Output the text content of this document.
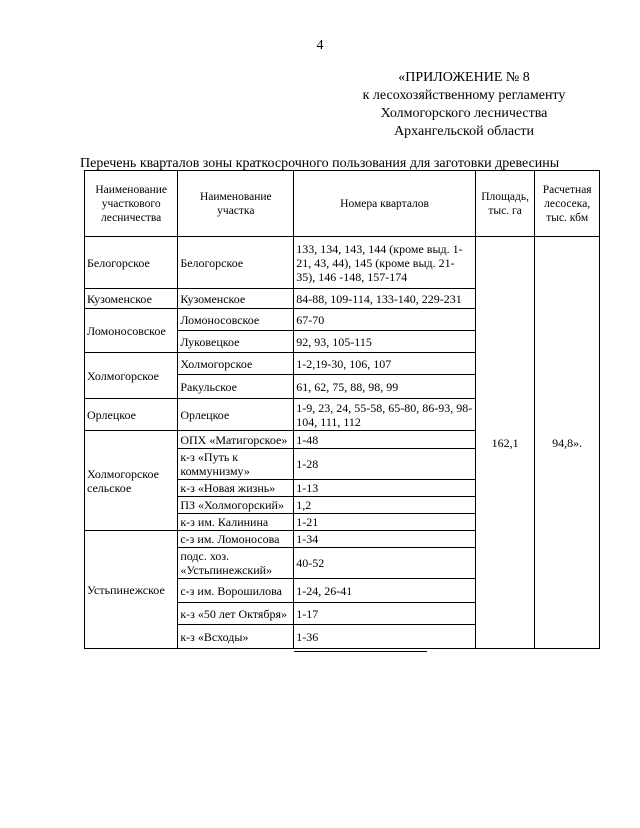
4
«ПРИЛОЖЕНИЕ № 8
к лесохозяйственному регламенту
Холмогорского лесничества
Архангельской области
Перечень кварталов зоны краткосрочного пользования для заготовки древесины
Наименование участкового лесничества	Наименование участка	Номера кварталов	Площадь, тыс. га	Расчетная лесосека, тыс. кбм
Белогорское	Белогорское	133, 134, 143, 144 (кроме выд. 1-21, 43, 44), 145 (кроме выд. 21-35), 146 -148, 157-174	162,1	94,8».
Кузоменское	Кузоменское	84-88, 109-114, 133-140, 229-231		
Ломоносовское	Ломоносовское	67-70		
	Луковецкое	92, 93, 105-115		
Холмогорское	Холмогорское	1-2,19-30, 106, 107		
	Ракульское	61, 62, 75, 88, 98, 99		
Орлецкое	Орлецкое	1-9, 23, 24, 55-58, 65-80, 86-93, 98-104, 111, 112		
Холмогорское сельское	ОПХ «Матигорское»	1-48		
	к-з «Путь к коммунизму»	1-28		
	к-з «Новая жизнь»	1-13		
	ПЗ «Холмогорский»	1,2		
	к-з им. Калинина	1-21		
Устьпинежское	с-з им. Ломоносова	1-34		
	подс. хоз. «Устьпинежский»	40-52		
	с-з им. Ворошилова	1-24, 26-41		
	к-з «50 лет Октября»	1-17		
	к-з «Всходы»	1-36		
